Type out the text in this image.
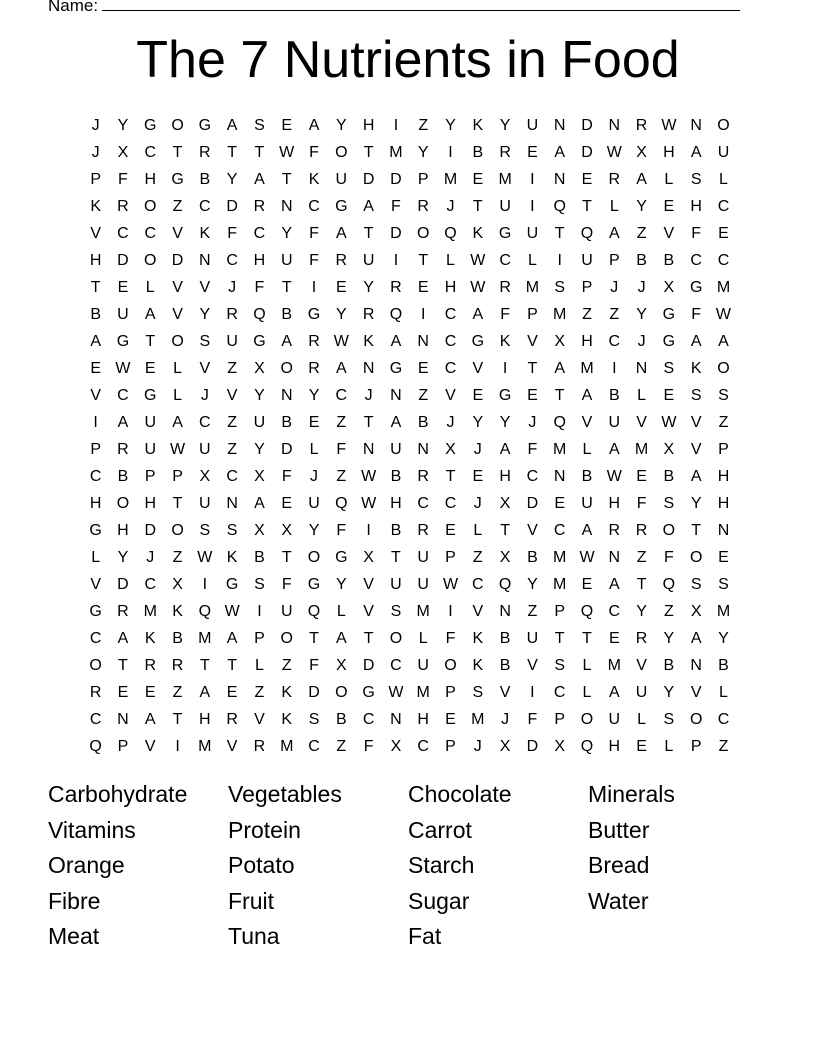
Name:
The 7 Nutrients in Food
J	Y G O G A	S	E	A	Y	H	I	Z	Y	K	Y	U N D N R W N O
J	X	C	T	R	T	T W F	O	T M Y	I	B	R	E	A	D W X	H	A	U
P	F	H G B	Y	A	T	K	U D D	P M E M	I	N	E	R	A	L	S	L
K	R O	Z	C D R N C G A	F	R	J	T	U	I	Q	T	L	Y	E	H C
V	C C	V	K	F	C	Y	F	A	T	D O Q K G U	T	Q A	Z	V	F	E
H D O D N C H U	F	R U	I	T	L W C	L	I	U	P	B	B	C C
T	E	L	V	V	J	F	T	I	E	Y	R	E	H W R M S	P	J	J	X G M
B	U	A	V	Y	R Q B G Y	R Q	I	C	A	F	P M Z	Z	Y G	F W
A G	T	O S	U G A	R W K	A	N C G K	V	X	H C	J	G A	A
E W E	L	V	Z	X O R	A	N G E	C	V	I	T	A M	I	N	S	K O
V	C G	L	J	V	Y	N	Y	C	J	N	Z	V	E G E	T	A	B	L	E	S	S
I	A	U	A	C	Z	U	B	E	Z	T	A	B	J	Y	Y	J	Q V	U	V W V	Z
P	R U W U	Z	Y	D	L	F	N U N	X	J	A	F M	L	A M X	V	P
C	B	P	P	X	C	X	F	J	Z W B	R	T	E	H C N	B W E	B	A	H
H O H	T	U N	A	E	U Q W H C C	J	X	D	E	U H	F	S	Y	H
G H D O S	S	X	X	Y	F	I	B	R	E	L	T	V	C	A	R R O	T	N
L	Y	J	Z W K	B	T	O G X	T	U	P	Z	X	B M W N	Z	F	O E
V	D C	X	I	G S	F	G Y	V	U U W C Q Y M E	A	T	Q S	S
G R M K Q W	I	U Q	L	V	S M	I	V	N	Z	P Q C	Y	Z	X M
C	A	K	B M A	P O	T	A	T	O	L	F	K	B	U	T	T	E	R	Y	A	Y
O	T	R R	T	T	L	Z	F	X	D C U O K	B	V	S	L	M V	B	N	B
R	E	E	Z	A	E	Z	K	D O G W M P	S	V	I	C	L	A	U	Y	V	L
C N	A	T	H R	V	K	S	B	C N H	E M	J	F	P O U	L	S O C
Q P	V	I	M V	R M C	Z	F	X	C	P	J	X	D	X Q H	E	L	P	Z
Carbohydrate	Vegetables	Chocolate	Minerals
Vitamins	Protein	Carrot	Butter
Orange	Potato	Starch	Bread
Fibre	Fruit	Sugar	Water
Meat	Tuna	Fat
